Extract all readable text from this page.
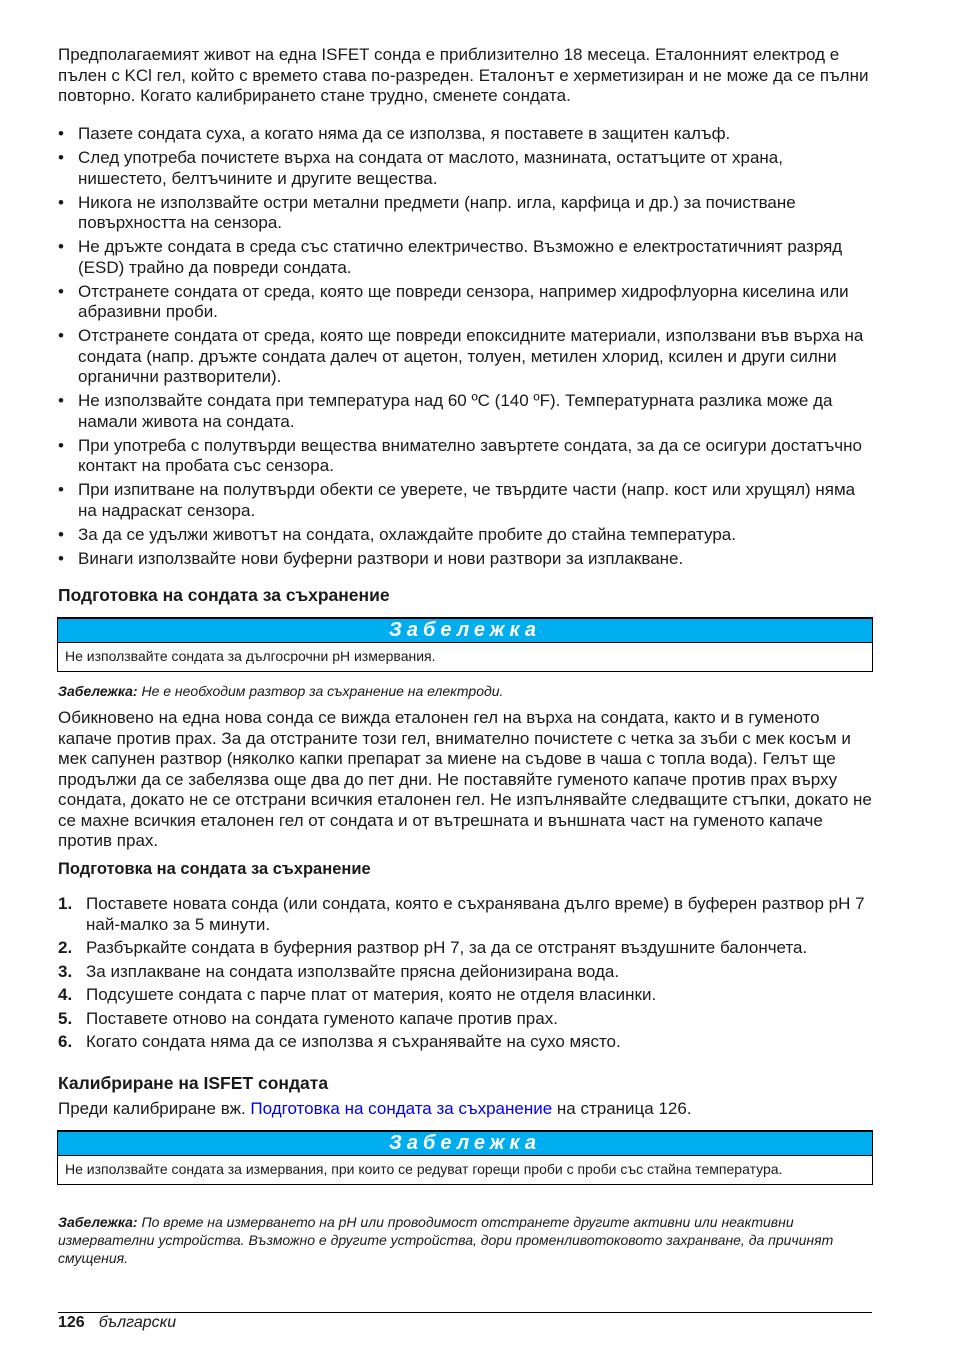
Предполагаемият живот на една ISFET сонда е приблизително 18 месеца. Еталонният електрод е пълен с KCl гел, който с времето става по-разреден. Еталонът е херметизиран и не може да се пълни повторно. Когато калибрирането стане трудно, сменете сондата.

• Пазете сондата суха, а когато няма да се използва, я поставете в защитен калъф.
• След употреба почистете върха на сондата от маслото, мазнината, остатъците от храна, нишестето, белтъчините и другите вещества.
• Никога не използвайте остри метални предмети (напр. игла, карфица и др.) за почистване повърхността на сензора.
• Не дръжте сондата в среда със статично електричество. Възможно е електростатичният разряд (ESD) трайно да повреди сондата.
• Отстранете сондата от среда, която ще повреди сензора, например хидрофлуорна киселина или абразивни проби.
• Отстранете сондата от среда, която ще повреди епоксидните материали, използвани във върха на сондата (напр. дръжте сондата далеч от ацетон, толуен, метилен хлорид, ксилен и други силни органични разтворители).
• Не използвайте сондата при температура над 60 ºC (140 ºF). Температурната разлика може да намали живота на сондата.
• При употреба с полутвърди вещества внимателно завъртете сондата, за да се осигури достатъчно контакт на пробата със сензора.
• При изпитване на полутвърди обекти се уверете, че твърдите части (напр. кост или хрущял) няма на надраскат сензора.
• За да се удължи животът на сондата, охлаждайте пробите до стайна температура.
• Винаги използвайте нови буферни разтвори и нови разтвори за изплакване.
Подготовка на сондата за съхранение
Забележка
Не използвайте сондата за дългосрочни pH измервания.
Забележка: Не е необходим разтвор за съхранение на електроди.

Обикновено на една нова сонда се вижда еталонен гел на върха на сондата, както и в гуменото капаче против прах. За да отстраните този гел, внимателно почистете с четка за зъби с мек косъм и мек сапунен разтвор (няколко капки препарат за миене на съдове в чаша с топла вода). Гелът ще продължи да се забелязва още два до пет дни. Не поставяйте гуменото капаче против прах върху сондата, докато не се отстрани всичкия еталонен гел. Не изпълнявайте следващите стъпки, докато не се махне всичкия еталонен гел от сондата и от вътрешната и външната част на гуменото капаче против прах.

Подготовка на сондата за съхранение
1. Поставете новата сонда (или сондата, която е съхранявана дълго време) в буферен разтвор pH 7 най-малко за 5 минути.
2. Разбъркайте сондата в буферния разтвор pH 7, за да се отстранят въздушните балончета.
3. За изплакване на сондата използвайте прясна дейонизирана вода.
4. Подсушете сондата с парче плат от материя, която не отделя власинки.
5. Поставете отново на сондата гуменото капаче против прах.
6. Когато сондата няма да се използва я съхранявайте на сухо място.
Калибриране на ISFET сондата

Преди калибриране вж. Подготовка на сондата за съхранение на страница 126.

Забележка
Не използвайте сондата за измервания, при които се редуват горещи проби с проби със стайна температура.
Забележка: По време на измерването на pH или проводимост отстранете другите активни или неактивни измервателни устройства. Възможно е другите устройства, дори променливотоковото захранване, да причинят смущения.
126 български
